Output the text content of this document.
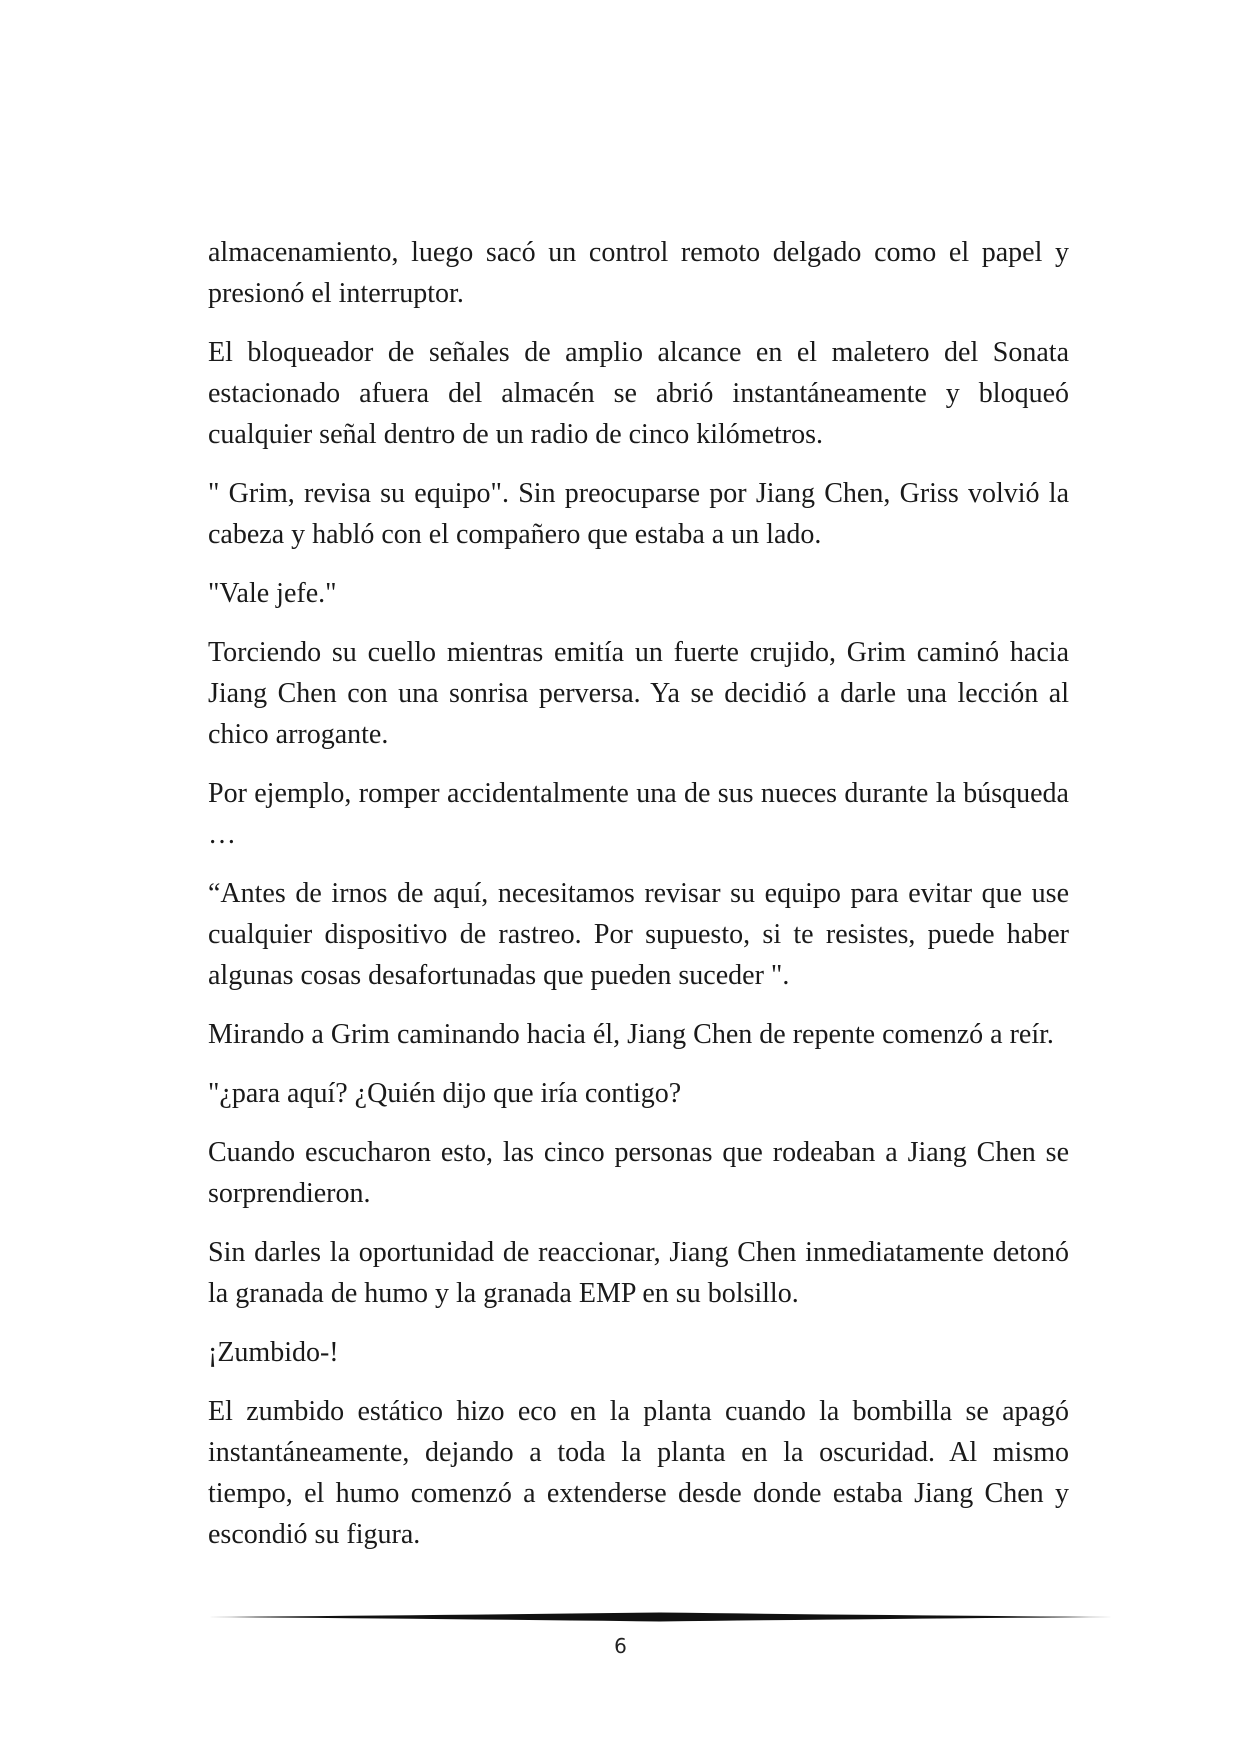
almacenamiento, luego sacó un control remoto delgado como el papel y presionó el interruptor.

El bloqueador de señales de amplio alcance en el maletero del Sonata estacionado afuera del almacén se abrió instantáneamente y bloqueó cualquier señal dentro de un radio de cinco kilómetros.

" Grim, revisa su equipo". Sin preocuparse por Jiang Chen, Griss volvió la cabeza y habló con el compañero que estaba a un lado.

"Vale jefe."

Torciendo su cuello mientras emitía un fuerte crujido, Grim caminó hacia Jiang Chen con una sonrisa perversa. Ya se decidió a darle una lección al chico arrogante.

Por ejemplo, romper accidentalmente una de sus nueces durante la búsqueda …

“Antes de irnos de aquí, necesitamos revisar su equipo para evitar que use cualquier dispositivo de rastreo. Por supuesto, si te resistes, puede haber algunas cosas desafortunadas que pueden suceder ".

Mirando a Grim caminando hacia él, Jiang Chen de repente comenzó a reír.

"¿para aquí? ¿Quién dijo que iría contigo?

Cuando escucharon esto, las cinco personas que rodeaban a Jiang Chen se sorprendieron.

Sin darles la oportunidad de reaccionar, Jiang Chen inmediatamente detonó la granada de humo y la granada EMP en su bolsillo.

¡Zumbido-!

El zumbido estático hizo eco en la planta cuando la bombilla se apagó instantáneamente, dejando a toda la planta en la oscuridad. Al mismo tiempo, el humo comenzó a extenderse desde donde estaba Jiang Chen y escondió su figura.

6
